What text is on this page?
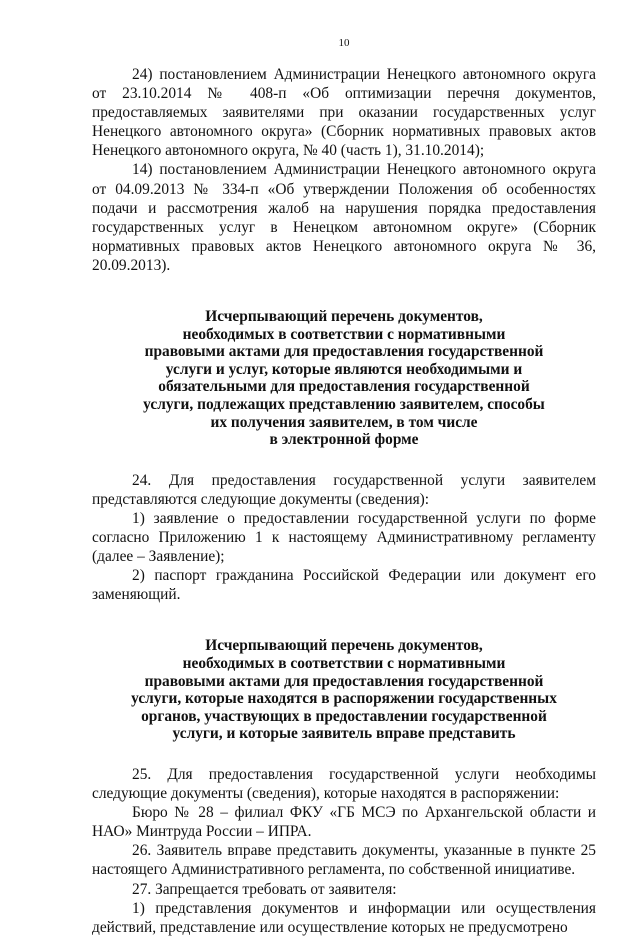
10

24) постановлением Администрации Ненецкого автономного округа от 23.10.2014 № 408-п «Об оптимизации перечня документов, предоставляемых заявителями при оказании государственных услуг Ненецкого автономного округа» (Сборник нормативных правовых актов Ненецкого автономного округа, № 40 (часть 1), 31.10.2014);

14) постановлением Администрации Ненецкого автономного округа от 04.09.2013 № 334-п «Об утверждении Положения об особенностях подачи и рассмотрения жалоб на нарушения порядка предоставления государственных услуг в Ненецком автономном округе» (Сборник нормативных правовых актов Ненецкого автономного округа № 36, 20.09.2013).

Исчерпывающий перечень документов,
необходимых в соответствии с нормативными
правовыми актами для предоставления государственной
услуги и услуг, которые являются необходимыми и
обязательными для предоставления государственной
услуги, подлежащих представлению заявителем, способы
их получения заявителем, в том числе
в электронной форме

24. Для предоставления государственной услуги заявителем представляются следующие документы (сведения):

1) заявление о предоставлении государственной услуги по форме согласно Приложению 1 к настоящему Административному регламенту (далее – Заявление);

2) паспорт гражданина Российской Федерации или документ его заменяющий.

Исчерпывающий перечень документов,
необходимых в соответствии с нормативными
правовыми актами для предоставления государственной
услуги, которые находятся в распоряжении государственных
органов, участвующих в предоставлении государственной
услуги, и которые заявитель вправе представить

25. Для предоставления государственной услуги необходимы следующие документы (сведения), которые находятся в распоряжении:

Бюро № 28 – филиал ФКУ «ГБ МСЭ по Архангельской области и НАО» Минтруда России – ИПРА.

26. Заявитель вправе представить документы, указанные в пункте 25 настоящего Административного регламента, по собственной инициативе.

27. Запрещается требовать от заявителя:

1) представления документов и информации или осуществления действий, представление или осуществление которых не предусмотрено
